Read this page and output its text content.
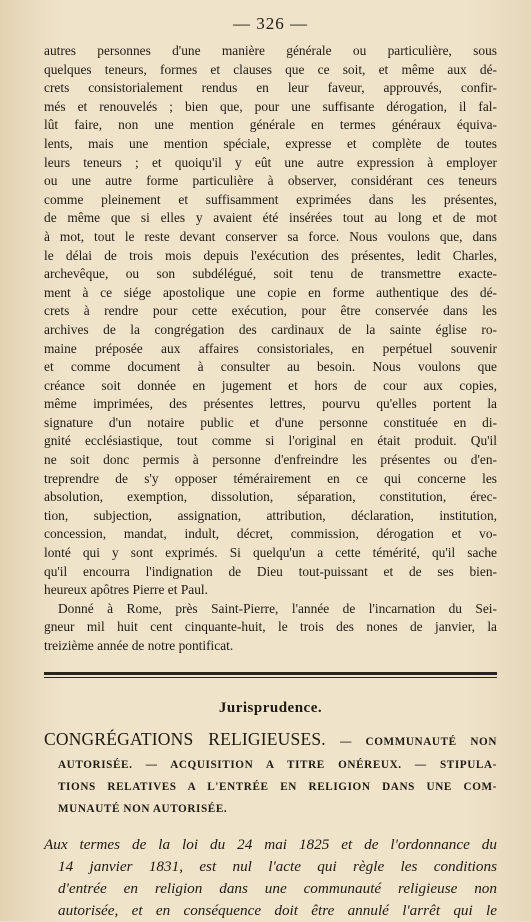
— 326 —
autres personnes d'une manière générale ou particulière, sous
quelques teneurs, formes et clauses que ce soit, et même aux dé-
crets consistorialement rendus en leur faveur, approuvés, confir-
més et renouvelés ; bien que, pour une suffisante dérogation, il fal-
lût faire, non une mention générale en termes généraux équiva-
lents, mais une mention spéciale, expresse et complète de toutes
leurs teneurs ; et quoiqu'il y eût une autre expression à employer
ou une autre forme particulière à observer, considérant ces teneurs
comme pleinement et suffisamment exprimées dans les présentes,
de même que si elles y avaient été insérées tout au long et de mot
à mot, tout le reste devant conserver sa force. Nous voulons que, dans
le délai de trois mois depuis l'exécution des présentes, ledit Charles,
archevêque, ou son subdélégué, soit tenu de transmettre exacte-
ment à ce siége apostolique une copie en forme authentique des dé-
crets à rendre pour cette exécution, pour être conservée dans les
archives de la congrégation des cardinaux de la sainte église ro-
maine préposée aux affaires consistoriales, en perpétuel souvenir
et comme document à consulter au besoin. Nous voulons que
créance soit donnée en jugement et hors de cour aux copies,
même imprimées, des présentes lettres, pourvu qu'elles portent la
signature d'un notaire public et d'une personne constituée en di-
gnité ecclésiastique, tout comme si l'original en était produit. Qu'il
ne soit donc permis à personne d'enfreindre les présentes ou d'en-
treprendre de s'y opposer témérairement en ce qui concerne les
absolution, exemption, dissolution, séparation, constitution, érec-
tion, subjection, assignation, attribution, déclaration, institution,
concession, mandat, indult, décret, commission, dérogation et vo-
lonté qui y sont exprimés. Si quelqu'un a cette témérité, qu'il sache
qu'il encourra l'indignation de Dieu tout-puissant et de ses bien-
heureux apôtres Pierre et Paul.
Donné à Rome, près Saint-Pierre, l'année de l'incarnation du Sei-
gneur mil huit cent cinquante-huit, le trois des nones de janvier, la
treizième année de notre pontificat.
Jurisprudence.
CONGRÉGATIONS RELIGIEUSES. — COMMUNAUTÉ NON
AUTORISÉE. — ACQUISITION A TITRE ONÉREUX. — STIPULA-
TIONS RELATIVES A L'ENTRÉE EN RELIGION DANS UNE COM-
MUNAUTÉ NON AUTORISÉE.
Aux termes de la loi du 24 mai 1825 et de l'ordonnance du
14 janvier 1831, est nul l'acte qui règle les conditions
d'entrée en religion dans une communauté religieuse non
autorisée, et en conséquence doit être annulé l'arrêt qui le
